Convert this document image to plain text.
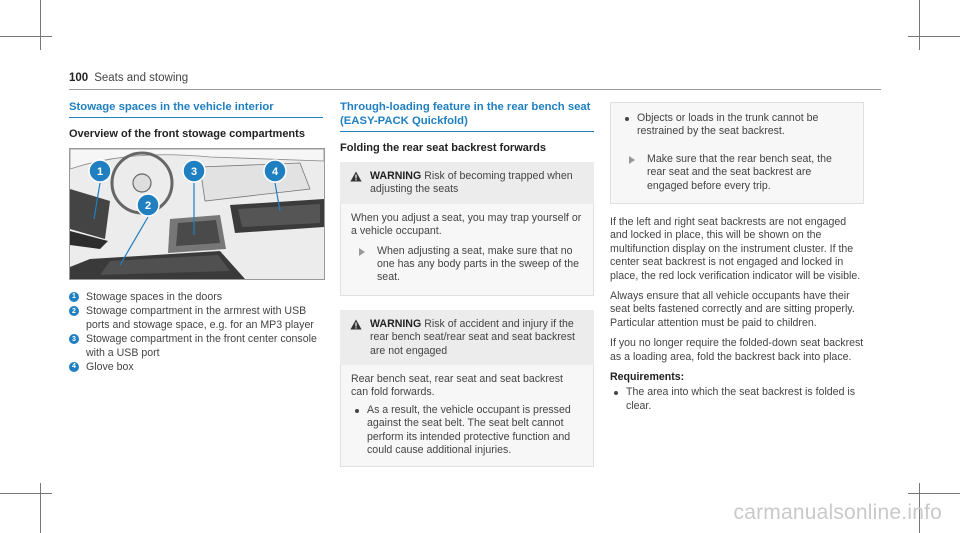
100 Seats and stowing
Stowage spaces in the vehicle interior
Overview of the front stowage compartments
1
2
3	4
1 Stowage spaces in the doors
2 Stowage compartment in the armrest with USB ports and stowage space, e.g. for an MP3 player
3 Stowage compartment in the front center console with a USB port
4 Glove box
Through-loading feature in the rear bench seat (EASY-PACK Quickfold)
Folding the rear seat backrest forwards
WARNING Risk of becoming trapped when adjusting the seats
When you adjust a seat, you may trap yourself or a vehicle occupant.
When adjusting a seat, make sure that no one has any body parts in the sweep of the seat.
WARNING Risk of accident and injury if the rear bench seat/rear seat and seat backrest are not engaged
Rear bench seat, rear seat and seat backrest can fold forwards.
As a result, the vehicle occupant is pressed against the seat belt. The seat belt cannot perform its intended protective function and could cause additional injuries.
Objects or loads in the trunk cannot be restrained by the seat backrest.
Make sure that the rear bench seat, the rear seat and the seat backrest are engaged before every trip.
If the left and right seat backrests are not engaged and locked in place, this will be shown on the multifunction display on the instrument cluster. If the center seat backrest is not engaged and locked in place, the red lock verification indicator will be visible.
Always ensure that all vehicle occupants have their seat belts fastened correctly and are sitting properly. Particular attention must be paid to children.
If you no longer require the folded-down seat backrest as a loading area, fold the backrest back into place.
Requirements:
The area into which the seat backrest is folded is clear.
carmanualsonline.info
